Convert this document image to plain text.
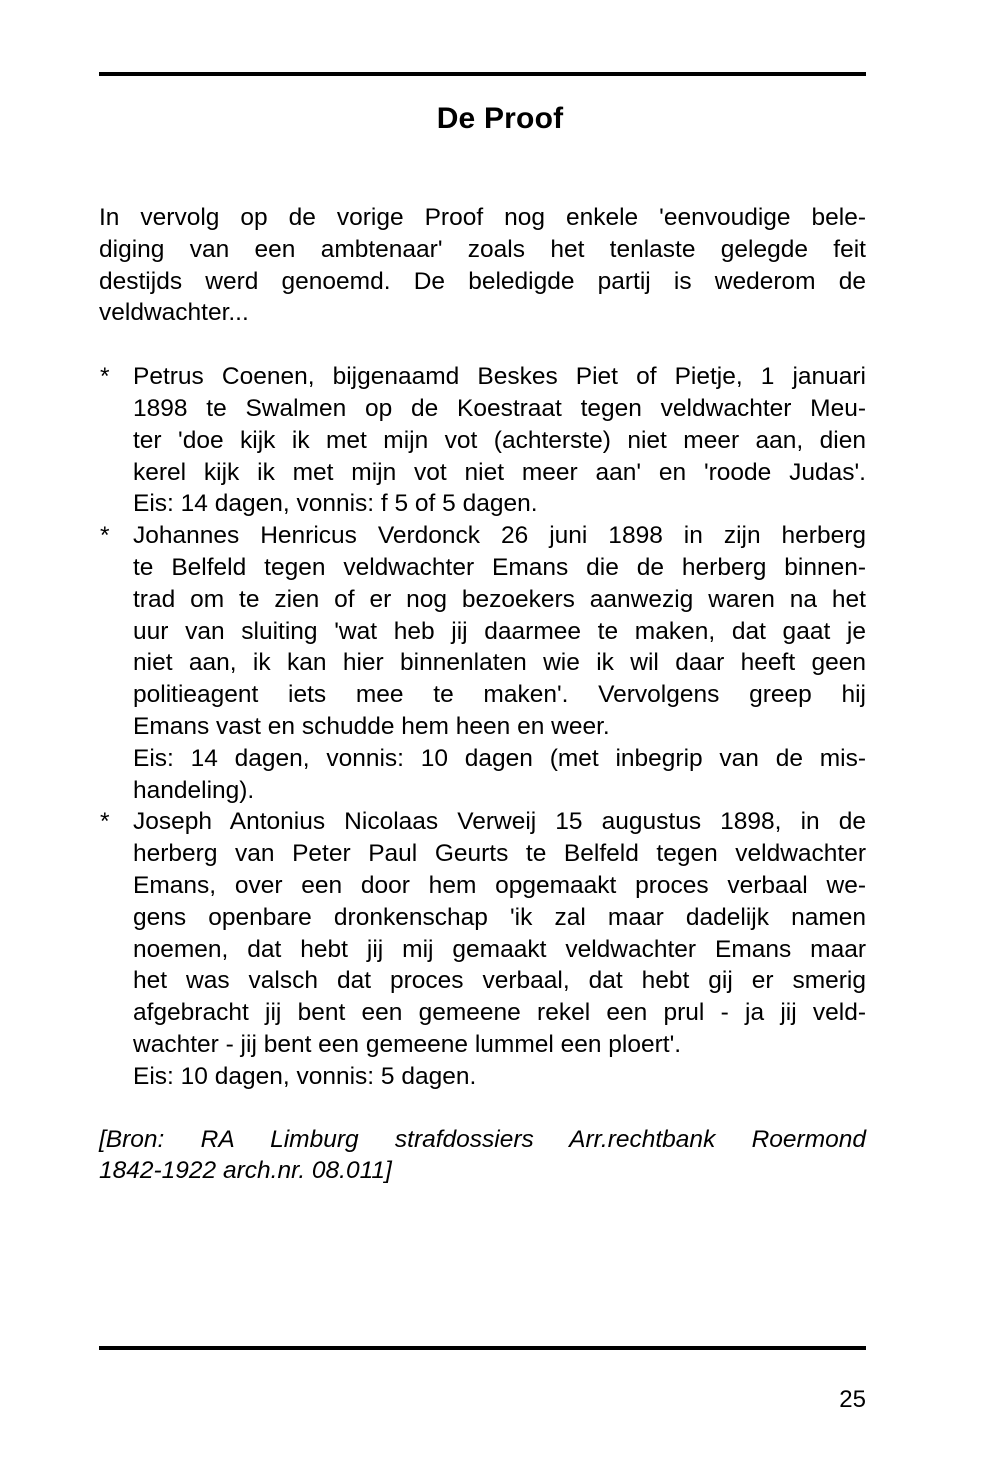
De Proof

In vervolg op de vorige Proof nog enkele 'eenvoudige bele-
diging van een ambtenaar' zoals het tenlaste gelegde feit
destijds werd genoemd. De beledigde partij is wederom de
veldwachter...

* Petrus Coenen, bijgenaamd Beskes Piet of Pietje, 1 januari
1898 te Swalmen op de Koestraat tegen veldwachter Meu-
ter 'doe kijk ik met mijn vot (achterste) niet meer aan, dien
kerel kijk ik met mijn vot niet meer aan' en 'roode Judas'.
Eis: 14 dagen, vonnis: f 5 of 5 dagen.
* Johannes Henricus Verdonck 26 juni 1898 in zijn herberg
te Belfeld tegen veldwachter Emans die de herberg binnen-
trad om te zien of er nog bezoekers aanwezig waren na het
uur van sluiting 'wat heb jij daarmee te maken, dat gaat je
niet aan, ik kan hier binnenlaten wie ik wil daar heeft geen
politieagent iets mee te maken'. Vervolgens greep hij
Emans vast en schudde hem heen en weer.
Eis: 14 dagen, vonnis: 10 dagen (met inbegrip van de mis-
handeling).
* Joseph Antonius Nicolaas Verweij 15 augustus 1898, in de
herberg van Peter Paul Geurts te Belfeld tegen veldwachter
Emans, over een door hem opgemaakt proces verbaal we-
gens openbare dronkenschap 'ik zal maar dadelijk namen
noemen, dat hebt jij mij gemaakt veldwachter Emans maar
het was valsch dat proces verbaal, dat hebt gij er smerig
afgebracht jij bent een gemeene rekel een prul - ja jij veld-
wachter - jij bent een gemeene lummel een ploert'.
Eis: 10 dagen, vonnis: 5 dagen.
[Bron: RA Limburg strafdossiers Arr.rechtbank Roermond
1842-1922 arch.nr. 08.011]
25
